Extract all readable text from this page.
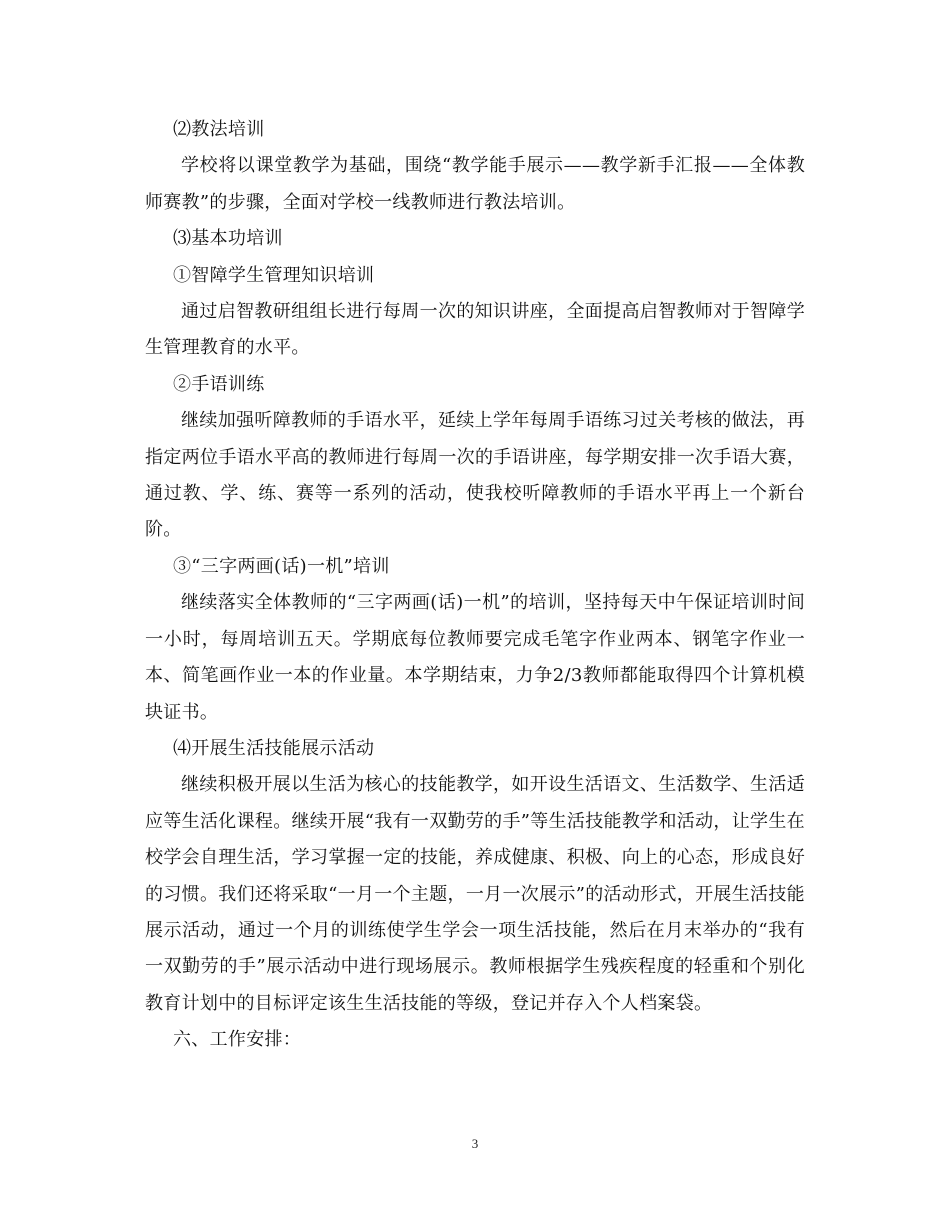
⑵教法培训

学校将以课堂教学为基础，围绕“教学能手展示——教学新手汇报——全体教师赛教”的步骤，全面对学校一线教师进行教法培训。

⑶基本功培训

①智障学生管理知识培训

通过启智教研组组长进行每周一次的知识讲座，全面提高启智教师对于智障学生管理教育的水平。

②手语训练

继续加强听障教师的手语水平，延续上学年每周手语练习过关考核的做法，再指定两位手语水平高的教师进行每周一次的手语讲座，每学期安排一次手语大赛，通过教、学、练、赛等一系列的活动，使我校听障教师的手语水平再上一个新台阶。

③“三字两画(话)一机”培训

继续落实全体教师的“三字两画(话)一机”的培训，坚持每天中午保证培训时间一小时，每周培训五天。学期底每位教师要完成毛笔字作业两本、钢笔字作业一本、简笔画作业一本的作业量。本学期结束，力争2/3教师都能取得四个计算机模块证书。

⑷开展生活技能展示活动

继续积极开展以生活为核心的技能教学，如开设生活语文、生活数学、生活适应等生活化课程。继续开展“我有一双勤劳的手”等生活技能教学和活动，让学生在校学会自理生活，学习掌握一定的技能，养成健康、积极、向上的心态，形成良好的习惯。我们还将采取“一月一个主题，一月一次展示”的活动形式，开展生活技能展示活动，通过一个月的训练使学生学会一项生活技能，然后在月末举办的“我有一双勤劳的手”展示活动中进行现场展示。教师根据学生残疾程度的轻重和个别化教育计划中的目标评定该生生活技能的等级，登记并存入个人档案袋。

六、工作安排：

3
